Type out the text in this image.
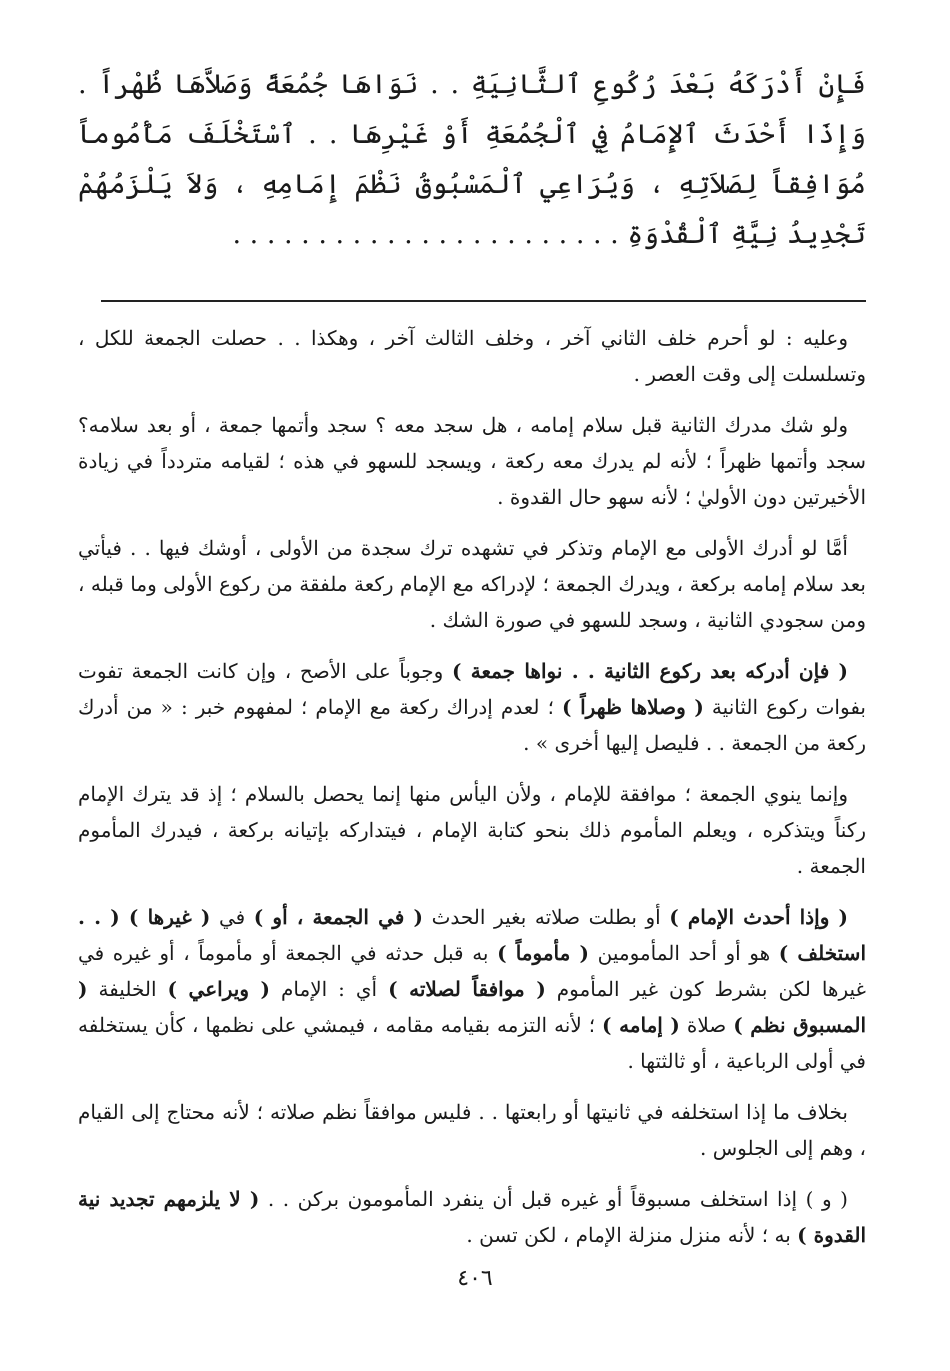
فَإِنْ أَدْرَكَهُ بَعْدَ رُكُوعِ ٱلثَّانِيَةِ . . نَوَاهَا جُمُعَةً وَصَلاَّهَا ظُهْراً . وَإِذَا أَحْدَثَ ٱلإِمَامُ فِي ٱلْجُمُعَةِ أَوْ غَيْرِهَا . . ٱسْتَخْلَفَ مَأْمُوماً مُوَافِقاً لِصَلاَتِهِ ، وَيُرَاعِي ٱلْمَسْبُوقُ نَظْمَ إِمَامِهِ ، وَلاَ يَلْزَمُهُمْ تَجْدِيدُ نِيَّةِ ٱلْقُدْوَةِ . . . . . . . . . . . . . . . . . . . . . . .

وعليه : لو أحرم خلف الثاني آخر ، وخلف الثالث آخر ، وهكذا . . حصلت الجمعة للكل ، وتسلسلت إلى وقت العصر .

ولو شك مدرك الثانية قبل سلام إمامه ، هل سجد معه ؟ سجد وأتمها جمعة ، أو بعد سلامه؟ سجد وأتمها ظهراً ؛ لأنه لم يدرك معه ركعة ، ويسجد للسهو في هذه ؛ لقيامه متردداً في زيادة الأخيرتين دون الأوليٰ ؛ لأنه سهو حال القدوة .

أمَّا لو أدرك الأولى مع الإمام وتذكر في تشهده ترك سجدة من الأولى ، أوشك فيها . . فيأتي بعد سلام إمامه بركعة ، ويدرك الجمعة ؛ لإدراكه مع الإمام ركعة ملفقة من ركوع الأولى وما قبله ، ومن سجودي الثانية ، وسجد للسهو في صورة الشك .

( فإن أدركه بعد ركوع الثانية . . نواها جمعة ) وجوباً على الأصح ، وإن كانت الجمعة تفوت بفوات ركوع الثانية ( وصلاها ظهراً ) ؛ لعدم إدراك ركعة مع الإمام ؛ لمفهوم خبر : « من أدرك ركعة من الجمعة . . فليصل إليها أخرى » .

وإنما ينوي الجمعة ؛ موافقة للإمام ، ولأن اليأس منها إنما يحصل بالسلام ؛ إذ قد يترك الإمام ركناً ويتذكره ، ويعلم المأموم ذلك بنحو كتابة الإمام ، فيتداركه بإتيانه بركعة ، فيدرك المأموم الجمعة .

( وإذا أحدث الإمام ) أو بطلت صلاته بغير الحدث ( في الجمعة ، أو ) في ( غيرها ) ( . . استخلف ) هو أو أحد المأمومين ( مأموماً ) به قبل حدثه في الجمعة أو مأموماً ، أو غيره في غيرها لكن بشرط كون غير المأموم ( موافقاً لصلاته ) أي : الإمام ( ويراعي ) الخليفة ( المسبوق نظم ) صلاة ( إمامه ) ؛ لأنه التزمه بقيامه مقامه ، فيمشي على نظمها ، كأن يستخلفه في أولى الرباعية ، أو ثالثتها .

بخلاف ما إذا استخلفه في ثانيتها أو رابعتها . . فليس موافقاً نظم صلاته ؛ لأنه محتاج إلى القيام ، وهم إلى الجلوس .

( و ) إذا استخلف مسبوقاً أو غيره قبل أن ينفرد المأمومون بركن . . ( لا يلزمهم تجديد نية القدوة ) به ؛ لأنه منزل منزلة الإمام ، لكن تسن .

٤٠٦
